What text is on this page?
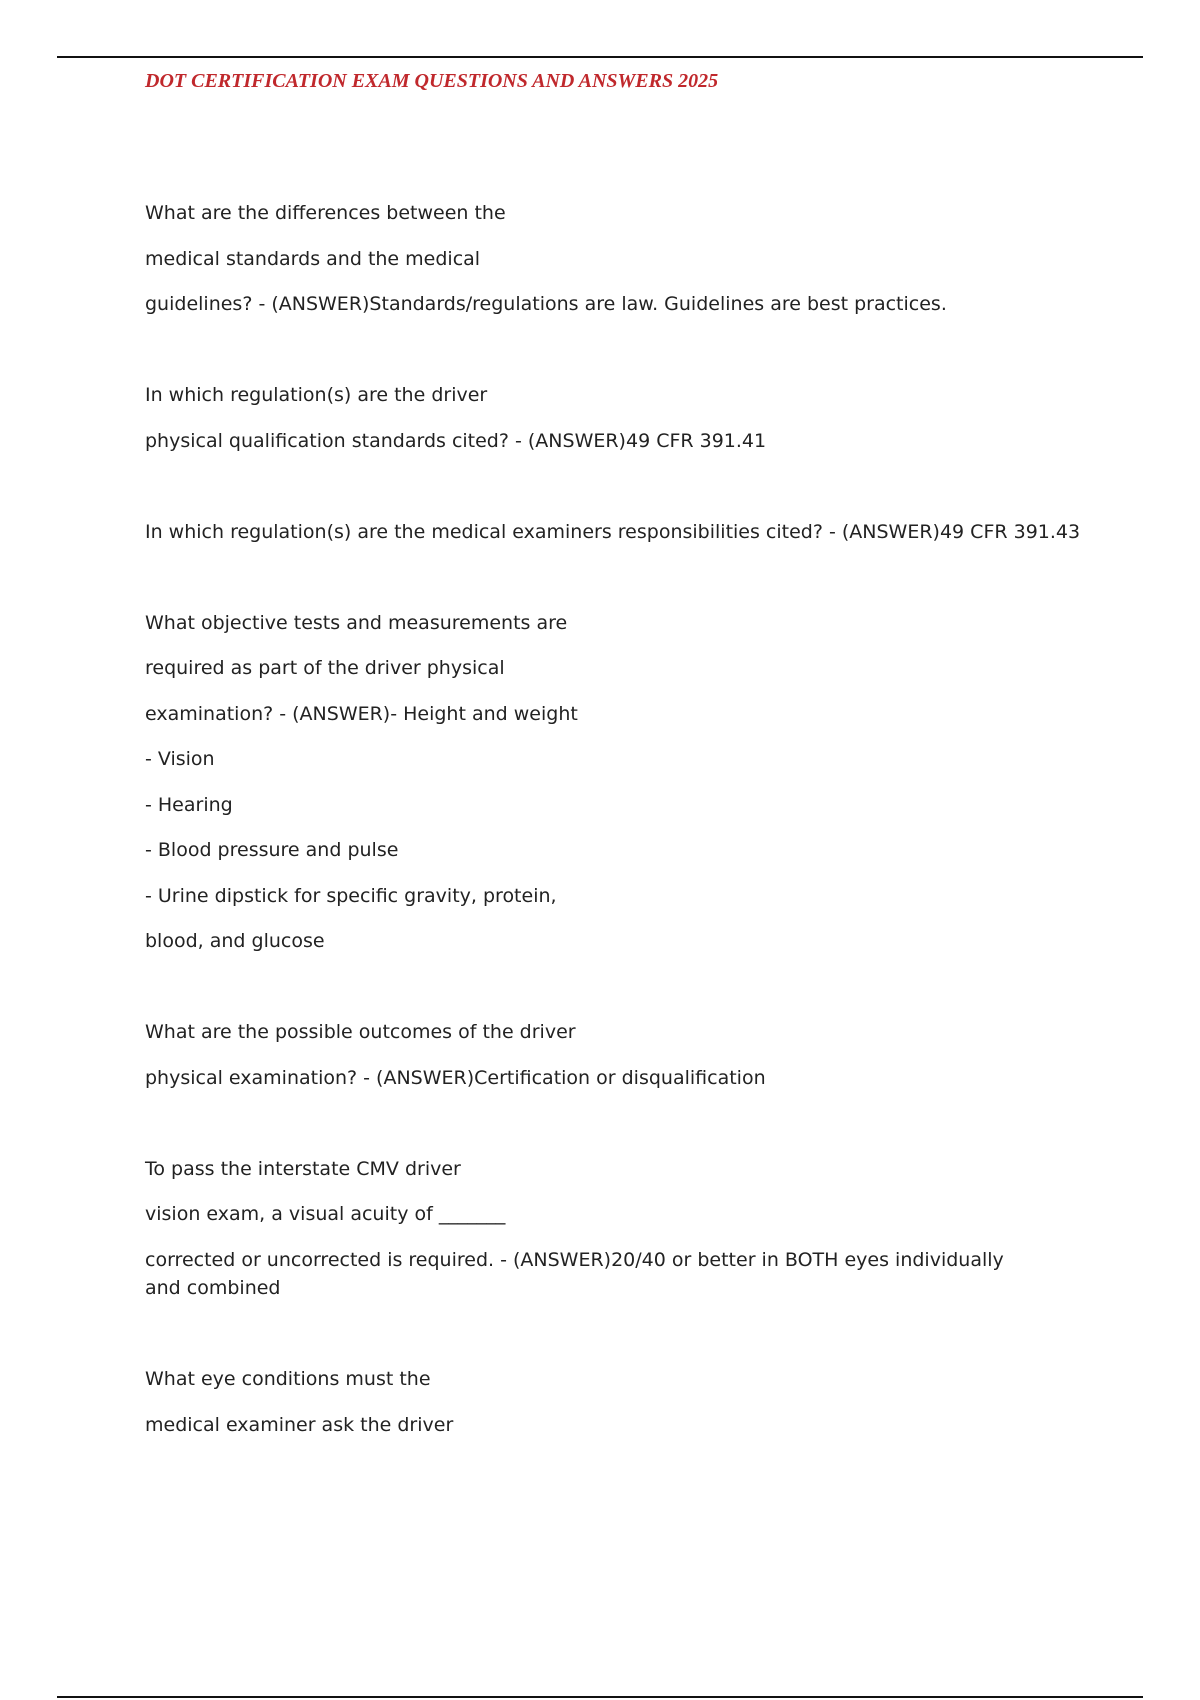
DOT CERTIFICATION EXAM QUESTIONS AND ANSWERS 2025
What are the differences between the
medical standards and the medical
guidelines? - (ANSWER)Standards/regulations are law. Guidelines are best practices.
In which regulation(s) are the driver
physical qualification standards cited? - (ANSWER)49 CFR 391.41
In which regulation(s) are the medical examiners responsibilities cited? - (ANSWER)49 CFR 391.43
What objective tests and measurements are
required as part of the driver physical
examination? - (ANSWER)- Height and weight
- Vision
- Hearing
- Blood pressure and pulse
- Urine dipstick for specific gravity, protein,
blood, and glucose
What are the possible outcomes of the driver
physical examination? - (ANSWER)Certification or disqualification
To pass the interstate CMV driver
vision exam, a visual acuity of _______
corrected or uncorrected is required. - (ANSWER)20/40 or better in BOTH eyes individually and combined
What eye conditions must the
medical examiner ask the driver
